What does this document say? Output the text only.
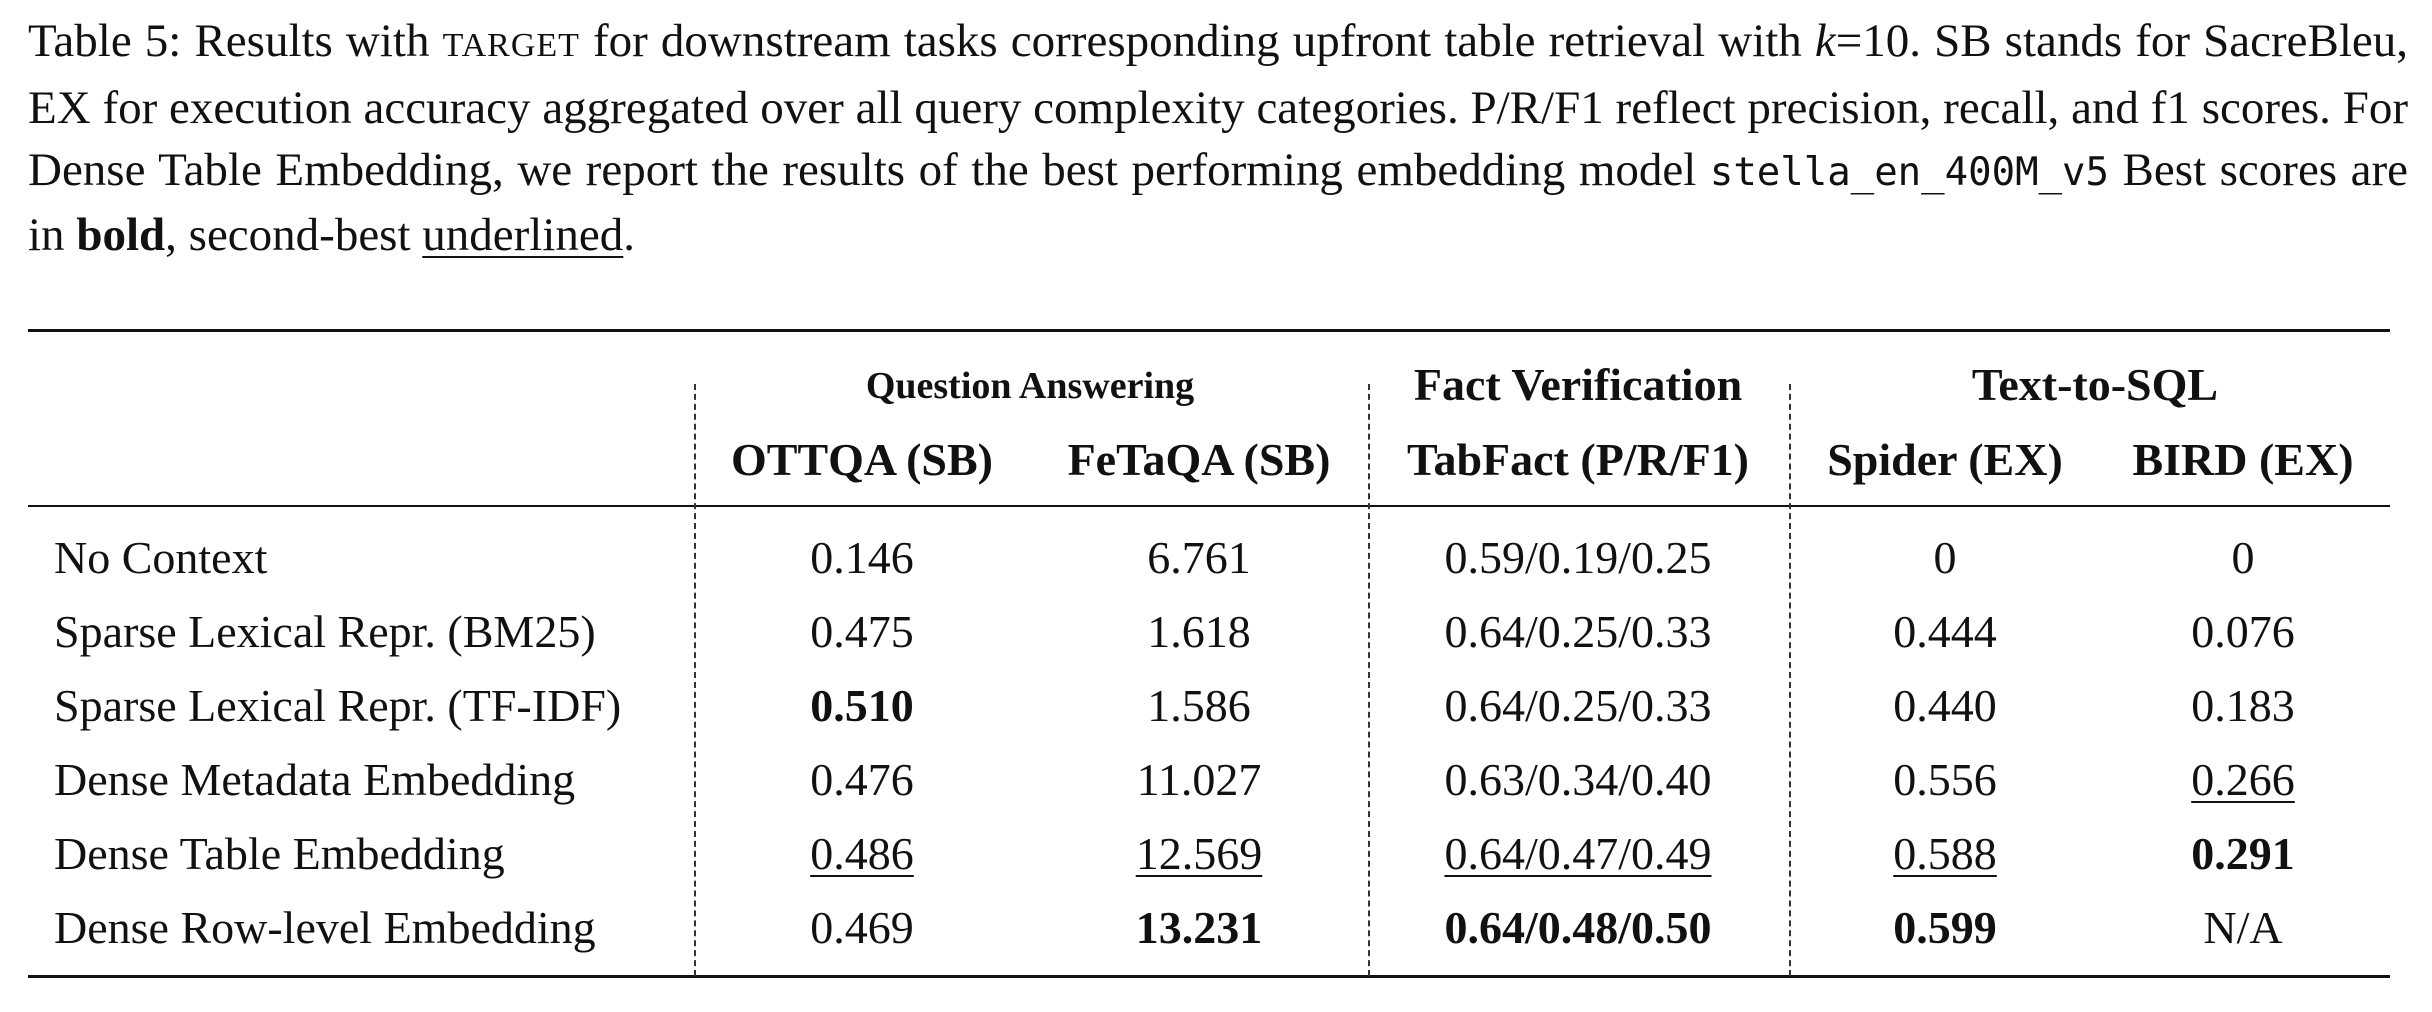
Table 5: Results with TARGET for downstream tasks corresponding upfront table retrieval with k=10. SB stands for SacreBleu, EX for execution accuracy aggregated over all query complexity categories. P/R/F1 reflect precision, recall, and f1 scores. For Dense Table Embedding, we report the results of the best performing embedding model stella_en_400M_v5 Best scores are in bold, second-best underlined.
Question Answering	Fact Verification	Text-to-SQL
OTTQA (SB) FeTaQA (SB) TabFact (P/R/F1) Spider (EX) BIRD (EX)
No Context	0.146	6.761	0.59/0.19/0.25	0	0
Sparse Lexical Repr. (BM25)	0.475	1.618	0.64/0.25/0.33	0.444	0.076
Sparse Lexical Repr. (TF-IDF)	0.510	1.586	0.64/0.25/0.33	0.440	0.183
Dense Metadata Embedding	0.476	11.027	0.63/0.34/0.40	0.556	0.266
Dense Table Embedding	0.486	12.569	0.64/0.47/0.49	0.588	0.291
Dense Row-level Embedding	0.469	13.231	0.64/0.48/0.50	0.599	N/A
